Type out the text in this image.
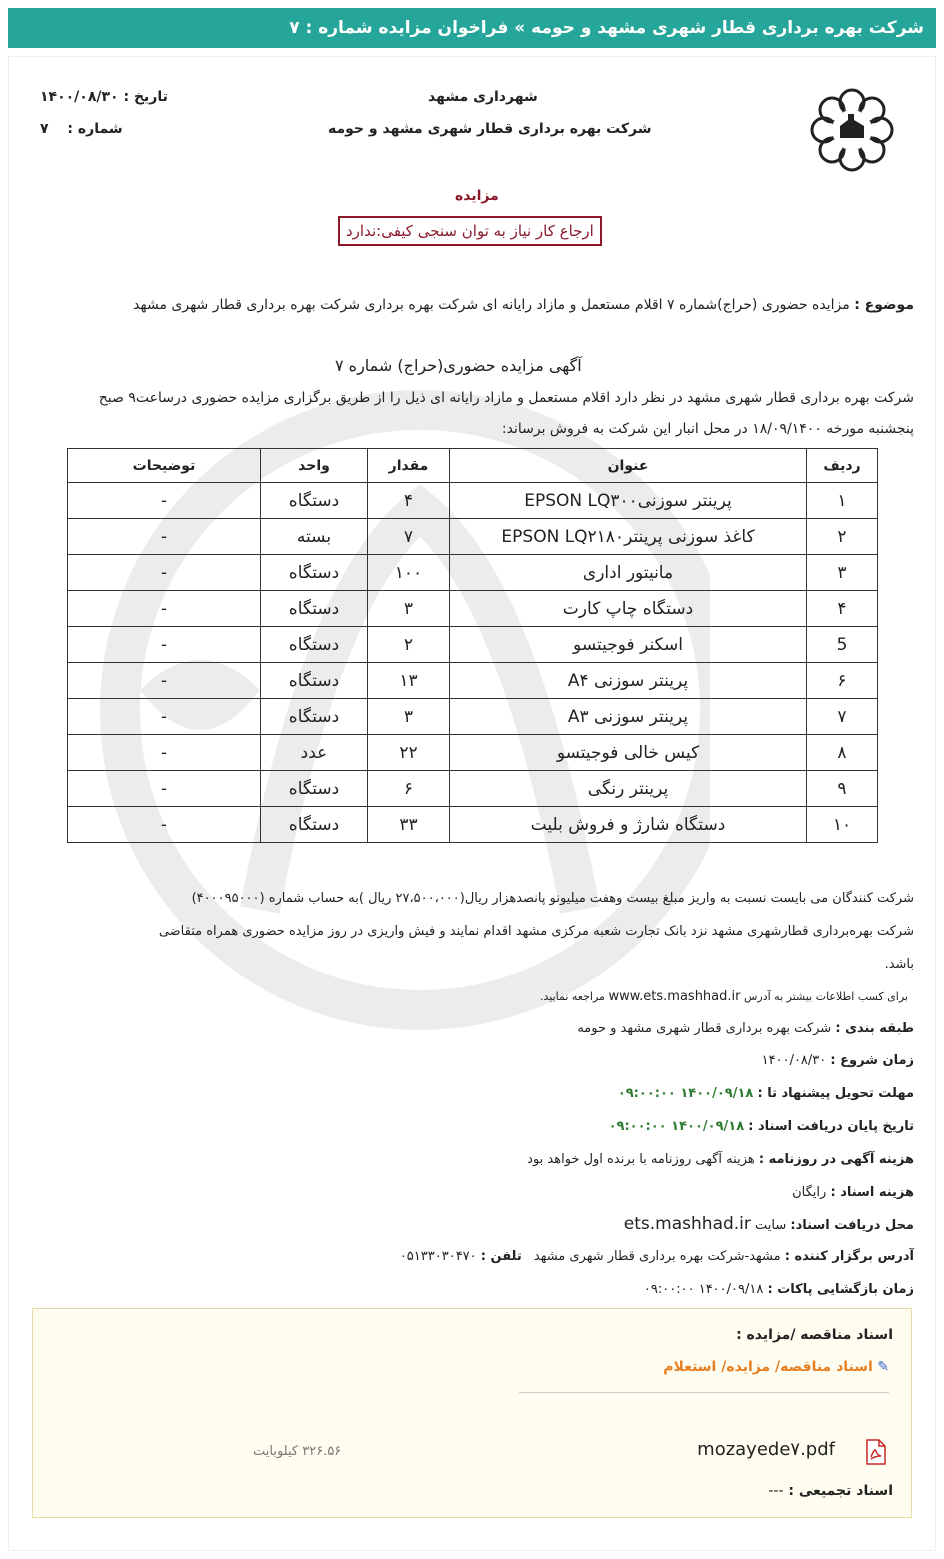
شرکت بهره برداری قطار شهری مشهد و حومه » فراخوان مزایده شماره : ۷
شهرداری مشهد
شرکت بهره برداری قطار شهری مشهد و حومه
تاریخ : ۱۴۰۰/۰۸/۳۰
شماره : ۷
مزایده
ارجاع کار نیاز به توان سنجی کیفی:ندارد
موضوع : مزایده حضوری (حراج)شماره ۷ اقلام مستعمل و مازاد رایانه ای شرکت بهره برداری شرکت بهره برداری قطار شهری مشهد
آگهی مزایده حضوری(حراج) شماره ۷
شرکت بهره برداری قطار شهری مشهد در نظر دارد اقلام مستعمل و مازاد رایانه ای ذیل را از طریق برگزاری مزایده حضوری درساعت۹ صبح
پنجشنبه مورخه ۱۸/۰۹/۱۴۰۰ در محل انبار این شرکت به فروش برساند:
ردیف	عنوان	مقدار	واحد	توضیحات
۱	پرینتر سوزنیEPSON LQ۳۰۰	۴	دستگاه	-
۲	کاغذ سوزنی پرینترEPSON LQ۲۱۸۰	۷	بسته	-
۳	مانیتور اداری	۱۰۰	دستگاه	-
۴	دستگاه چاپ کارت	۳	دستگاه	-
5	اسکنر فوجیتسو	۲	دستگاه	-
۶	پرینتر سوزنی A۴	۱۳	دستگاه	-
۷	پرینتر سوزنی A۳	۳	دستگاه	-
۸	کیس خالی فوجیتسو	۲۲	عدد	-
۹	پرینتر رنگی	۶	دستگاه	-
۱۰	دستگاه شارژ و فروش بلیت	۳۳	دستگاه	-
شرکت کنندگان می بایست نسبت به واریز مبلغ بیست وهفت میلیونو پانصدهزار ریال(۲۷،۵۰۰،۰۰۰ ریال )به حساب شماره (۴۰۰۰۹۵۰۰۰)
شرکت بهره‌برداری قطارشهری مشهد نزد بانک تجارت شعبه مرکزی مشهد اقدام نمایند و فیش واریزی در روز مزایده حضوری همراه متقاضی
باشد.
برای کسب اطلاعات بیشتر به آدرس www.ets.mashhad.ir مراجعه نمایید.
طبقه بندی : شرکت بهره برداری قطار شهری مشهد و حومه
زمان شروع : ۱۴۰۰/۰۸/۳۰
مهلت تحویل پیشنهاد تا : ۱۴۰۰/۰۹/۱۸ ۰۹:۰۰:۰۰
تاریخ پایان دریافت اسناد : ۱۴۰۰/۰۹/۱۸ ۰۹:۰۰:۰۰
هزینه آگهی در روزنامه : هزینه آگهی روزنامه با برنده اول خواهد بود
هزینه اسناد : رایگان
محل دریافت اسناد: سایت ets.mashhad.ir
آدرس برگزار کننده : مشهد-شرکت بهره برداری قطار شهری مشهد تلفن : ۰۵۱۳۳۰۳۰۴۷۰
زمان بازگشایی پاکات : ۱۴۰۰/۰۹/۱۸ ۰۹:۰۰:۰۰
اسناد مناقصه /مزایده :
✎ اسناد مناقصه/ مزایده/ استعلام
mozayede۷.pdf
۳۲۶.۵۶ کیلوبایت
اسناد تجمیعی : ---
